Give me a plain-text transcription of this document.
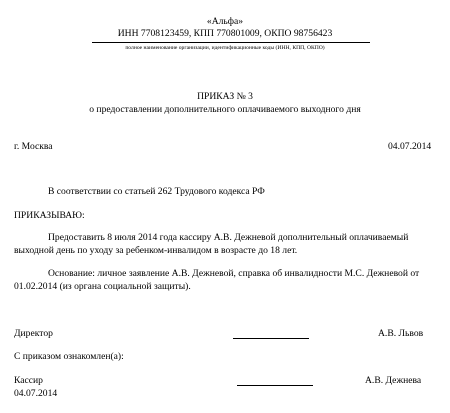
«Альфа»
ИНН 7708123459, КПП 770801009, ОКПО 98756423
полное наименование организации, идентификационные коды (ИНН, КПП, ОКПО)
ПРИКАЗ № 3
о предоставлении дополнительного оплачиваемого выходного дня
г. Москва	04.07.2014
В соответствии со статьей 262 Трудового кодекса РФ
ПРИКАЗЫВАЮ:
Предоставить 8 июля 2014 года кассиру А.В. Дежневой дополнительный оплачиваемый
выходной день по уходу за ребенком-инвалидом в возрасте до 18 лет.
Основание: личное заявление А.В. Дежневой, справка об инвалидности М.С. Дежневой от
01.02.2014 (из органа социальной защиты).
Директор	А.В. Львов
С приказом ознакомлен(а):
Кассир	А.В. Дежнева
04.07.2014
